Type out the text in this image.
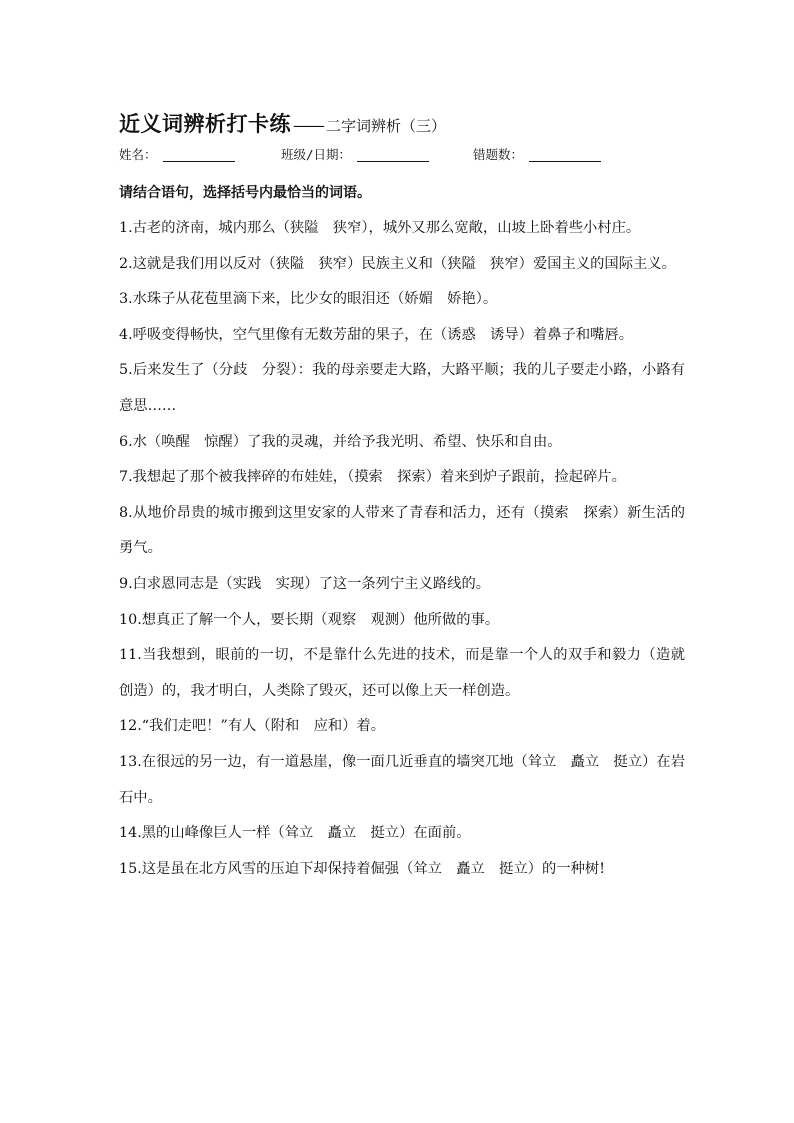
近义词辨析打卡练 —— 二字词辨析（三）
姓名：	班级/日期：	错题数：
请结合语句，选择括号内最恰当的词语。
1.古老的济南，城内那么（狭隘　狭窄），城外又那么宽敞，山坡上卧着些小村庄。
2.这就是我们用以反对（狭隘　狭窄）民族主义和（狭隘　狭窄）爱国主义的国际主义。
3.水珠子从花苞里滴下来，比少女的眼泪还（娇媚　娇艳）。
4.呼吸变得畅快，空气里像有无数芳甜的果子，在（诱惑　诱导）着鼻子和嘴唇。
5.后来发生了（分歧　分裂）：我的母亲要走大路，大路平顺；我的儿子要走小路，小路有意思……
6.水（唤醒　惊醒）了我的灵魂，并给予我光明、希望、快乐和自由。
7.我想起了那个被我摔碎的布娃娃，（摸索　探索）着来到炉子跟前，捡起碎片。
8.从地价昂贵的城市搬到这里安家的人带来了青春和活力，还有（摸索　探索）新生活的勇气。
9.白求恩同志是（实践　实现）了这一条列宁主义路线的。
10.想真正了解一个人，要长期（观察　观测）他所做的事。
11.当我想到，眼前的一切，不是靠什么先进的技术，而是靠一个人的双手和毅力（造就 创造）的，我才明白，人类除了毁灭，还可以像上天一样创造。
12.“我们走吧！”有人（附和　应和）着。
13.在很远的另一边，有一道悬崖，像一面几近垂直的墙突兀地（耸立　矗立　挺立）在岩石中。
14.黑的山峰像巨人一样（耸立　矗立　挺立）在面前。
15.这是虽在北方风雪的压迫下却保持着倔强（耸立　矗立　挺立）的一种树!
